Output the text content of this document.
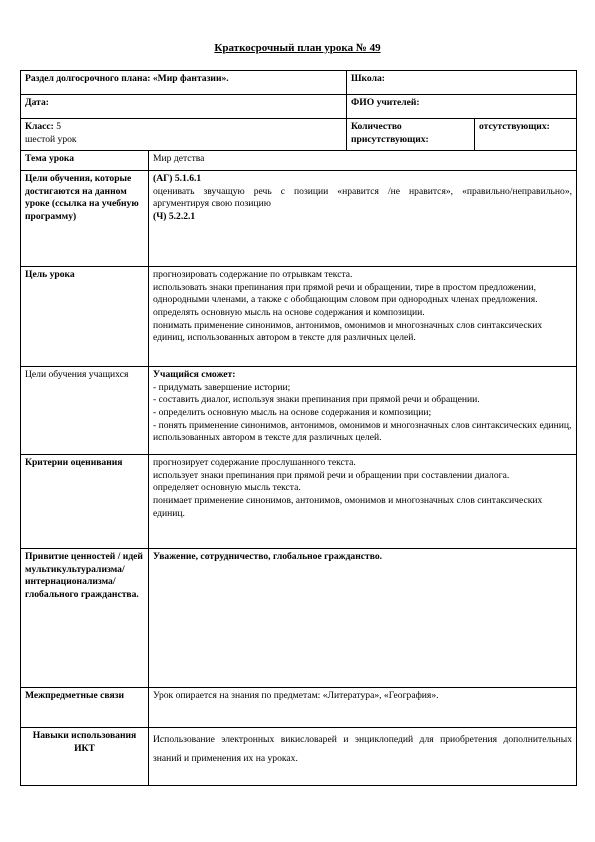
Краткосрочный план урока № 49
Раздел долгосрочного плана: «Мир фантазии».		Школа:	
Дата:		ФИО учителей:	
Класс: 5
шестой урок		Количество присутствующих:	отсутствующих:
Тема урока	Мир детства		
Цели обучения, которые достигаются на данном уроке (ссылка на учебную программу)	(АГ) 5.1.6.1
оценивать звучащую речь с позиции «нравится /не нравится», «правильно/неправильно», аргументируя свою позицию
(Ч) 5.2.2.1		

Цель урока	прогнозировать содержание по отрывкам текста.
использовать знаки препинания при прямой речи и обращении, тире в простом предложении, однородными членами, а также с обобщающим словом при однородных членах предложения.
определять основную мысль на основе содержания и композиции.
понимать применение синонимов, антонимов, омонимов и многозначных слов синтаксических единиц, использованных автором в тексте для различных целей.		

Цели обучения учащихся	Учащийся сможет:
- придумать завершение истории;
- составить диалог, используя знаки препинания при прямой речи и обращении.
- определить основную мысль на основе содержания и композиции;
- понять применение синонимов, антонимов, омонимов и многозначных слов синтаксических единиц, использованных автором в тексте для различных целей.		

Критерии оценивания	прогнозирует содержание прослушанного текста.
использует знаки препинания при прямой речи и обращении при составлении диалога.
определяет основную мысль текста.
понимает применение синонимов, антонимов, омонимов и многозначных слов синтаксических единиц.		

Привитие ценностей / идей мультикультурализма/ интернационализма/ глобального гражданства.	Уважение, сотрудничество, глобальное гражданство.		
Межпредметные связи	Урок опирается на знания по предметам: «Литература», «География».		
Навыки использования ИКТ	Использование электронных викисловарей и энциклопедий для приобретения дополнительных знаний и применения их на уроках.		
